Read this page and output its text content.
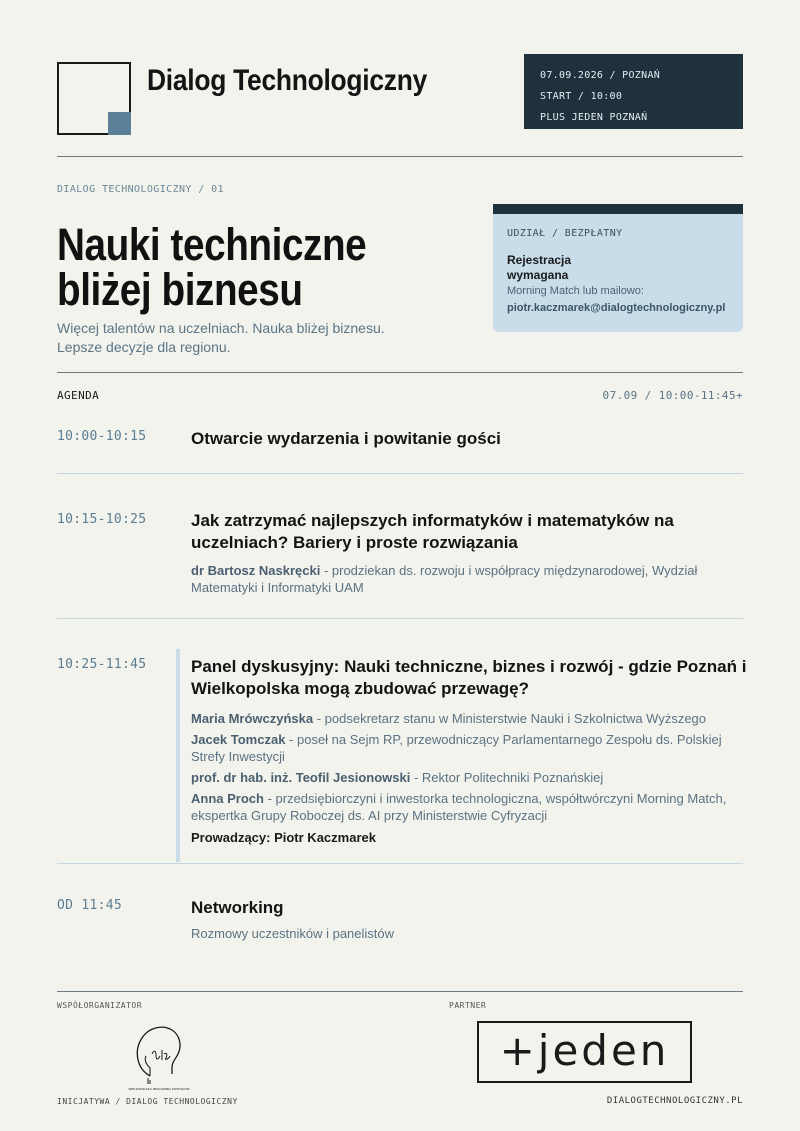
Dialog Technologiczny	07.09.2026 / POZNAŃ
START / 10:00
PLUS JEDEN POZNAŃ
DIALOG TECHNOLOGICZNY / 01
Nauki techniczne
bliżej biznesu
Więcej talentów na uczelniach. Nauka bliżej biznesu.
Lepsze decyzje dla regionu.
UDZIAŁ / BEZPŁATNY
Rejestracja wymagana
Morning Match lub mailowo:
piotr.kaczmarek@dialogtechnologiczny.pl
AGENDA	07.09 / 10:00-11:45+
10:00-10:15	Otwarcie wydarzenia i powitanie gości
10:15-10:25	Jak zatrzymać najlepszych informatyków i matematyków na uczelniach? Bariery i proste rozwiązania
dr Bartosz Naskręcki - prodziekan ds. rozwoju i współpracy międzynarodowej, Wydział Matematyki i Informatyki UAM
10:25-11:45	Panel dyskusyjny: Nauki techniczne, biznes i rozwój - gdzie Poznań i Wielkopolska mogą zbudować przewagę?
Maria Mrówczyńska - podsekretarz stanu w Ministerstwie Nauki i Szkolnictwa Wyższego
Jacek Tomczak - poseł na Sejm RP, przewodniczący Parlamentarnego Zespołu ds. Polskiej Strefy Inwestycji
prof. dr hab. inż. Teofil Jesionowski - Rektor Politechniki Poznańskiej
Anna Proch - przedsiębiorczyni i inwestorka technologiczna, współtwórczyni Morning Match, ekspertka Grupy Roboczej ds. AI przy Ministerstwie Cyfryzacji
Prowadzący: Piotr Kaczmarek
OD 11:45	Networking
Rozmowy uczestników i panelistów
WSPÓŁORGANIZATOR	PARTNER
WIELKOPOLSKA PRACOWNIA POMYSŁÓW
+jeden
INICJATYWA / DIALOG TECHNOLOGICZNY	DIALOGTECHNOLOGICZNY.PL
